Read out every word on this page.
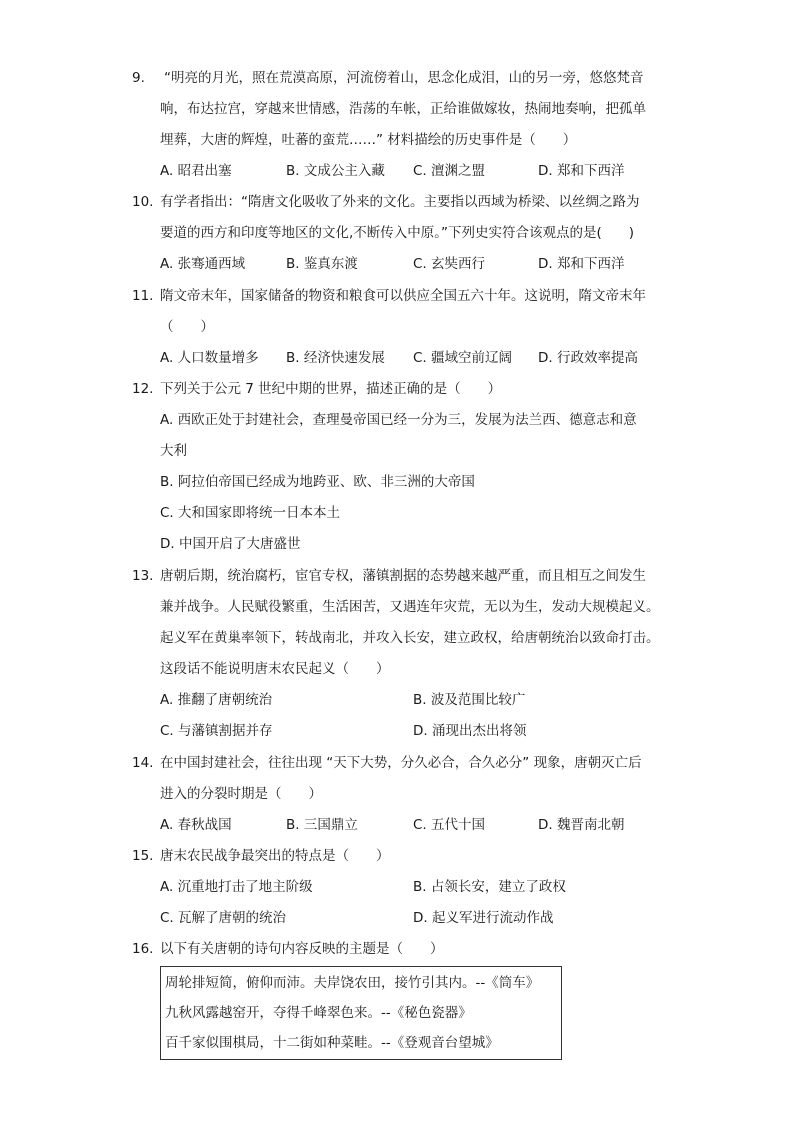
9. “明亮的月光，照在荒漠高原，河流傍着山，思念化成泪，山的另一旁，悠悠梵音
响，布达拉宫，穿越来世情感，浩荡的车帐，正给谁做嫁妆，热闹地奏响，把孤单
埋葬，大唐的辉煌，吐蕃的蛮荒……” 材料描绘的历史事件是（　　）
A. 昭君出塞	B. 文成公主入藏 C. 澶渊之盟	D. 郑和下西洋
10. 有学者指出：“隋唐文化吸收了外来的文化。主要指以西域为桥梁、以丝绸之路为
要道的西方和印度等地区的文化,不断传入中原。”下列史实符合该观点的是(　　)
A. 张骞通西域	B. 鉴真东渡	C. 玄奘西行	D. 郑和下西洋
11. 隋文帝末年，国家储备的物资和粮食可以供应全国五六十年。这说明，隋文帝末年
（　　）
A. 人口数量增多 B. 经济快速发展 C. 疆域空前辽阔 D. 行政效率提高
12. 下列关于公元 7 世纪中期的世界，描述正确的是（　　）
A. 西欧正处于封建社会，查理曼帝国已经一分为三，发展为法兰西、德意志和意
大利
B. 阿拉伯帝国已经成为地跨亚、欧、非三洲的大帝国
C. 大和国家即将统一日本本土
D. 中国开启了大唐盛世
13. 唐朝后期，统治腐朽，宦官专权，藩镇割据的态势越来越严重，而且相互之间发生
兼并战争。人民赋役繁重，生活困苦，又遇连年灾荒，无以为生，发动大规模起义。
起义军在黄巢率领下，转战南北，并攻入长安，建立政权，给唐朝统治以致命打击。
这段话不能说明唐末农民起义（　　）
A. 推翻了唐朝统治	B. 波及范围比较广
C. 与藩镇割据并存	D. 涌现出杰出将领
14. 在中国封建社会，往往出现 “天下大势，分久必合，合久必分” 现象，唐朝灭亡后
进入的分裂时期是（　　）
A. 春秋战国	B. 三国鼎立	C. 五代十国	D. 魏晋南北朝
15. 唐末农民战争最突出的特点是（　　）
A. 沉重地打击了地主阶级	B. 占领长安，建立了政权
C. 瓦解了唐朝的统治	D. 起义军进行流动作战
16. 以下有关唐朝的诗句内容反映的主题是（　　）
周轮排短简，俯仰而沛。夫岸饶农田，接竹引其内。--《筒车》
九秋风露越窑开，夺得千峰翠色来。--《秘色瓷器》
百千家似围棋局，十二街如种菜畦。--《登观音台望城》
